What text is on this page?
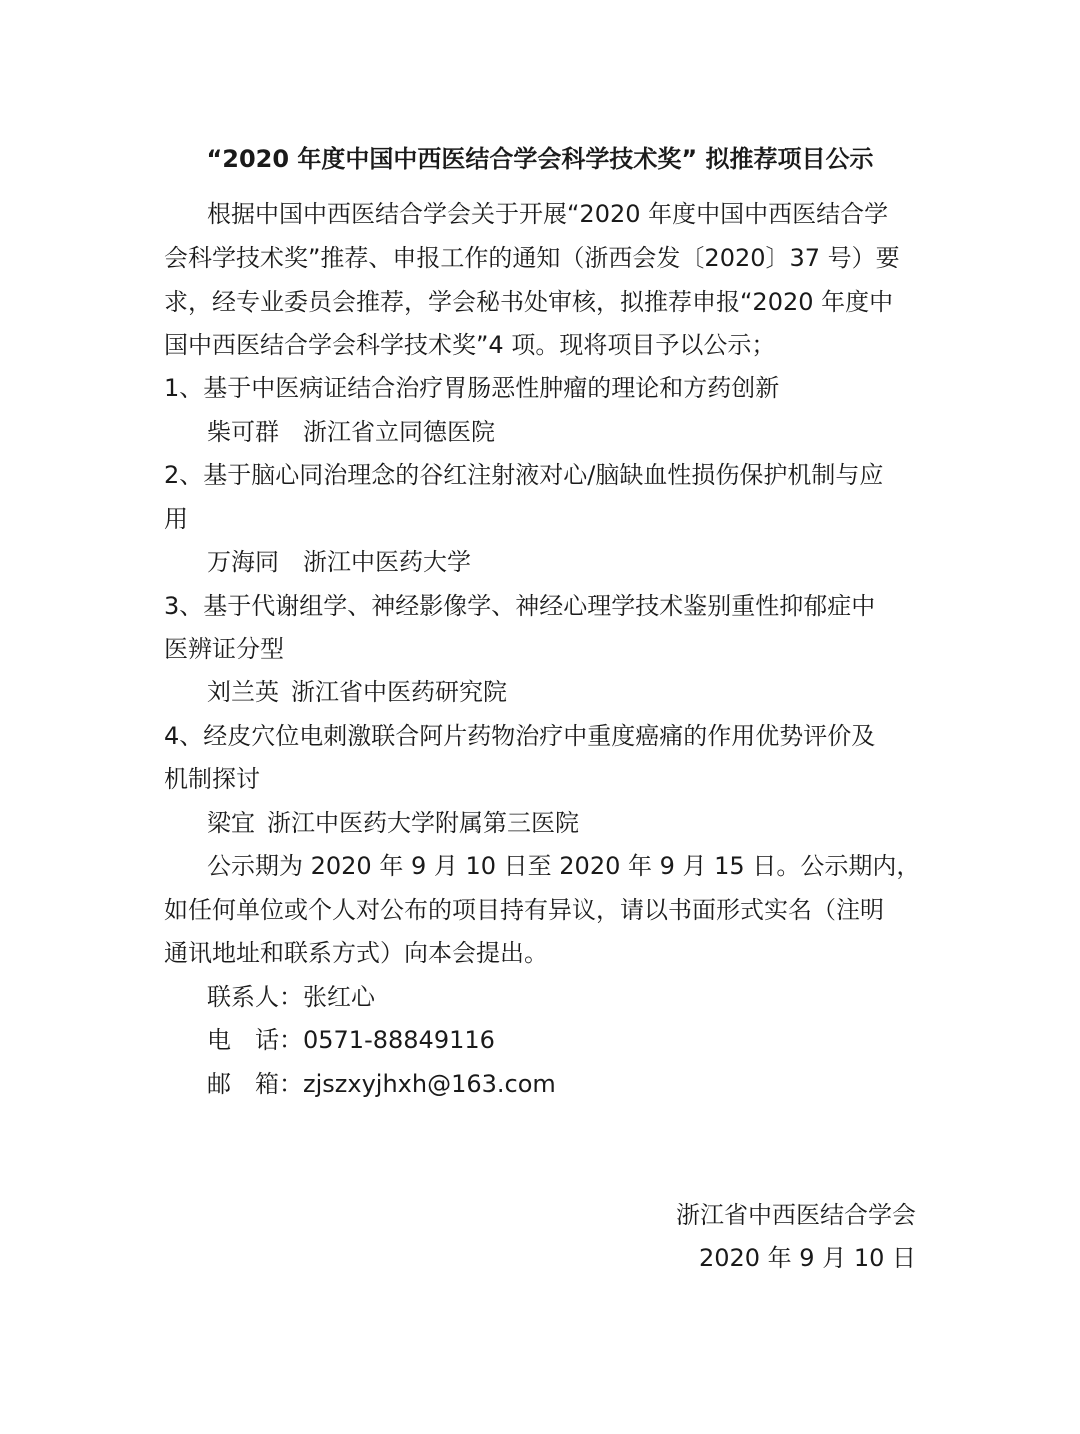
“2020 年度中国中西医结合学会科学技术奖” 拟推荐项目公示
根据中国中西医结合学会关于开展“2020 年度中国中西医结合学
会科学技术奖”推荐、申报工作的通知（浙西会发〔2020〕37 号）要
求，经专业委员会推荐，学会秘书处审核，拟推荐申报“2020 年度中
国中西医结合学会科学技术奖”4 项。现将项目予以公示；
1、基于中医病证结合治疗胃肠恶性肿瘤的理论和方药创新
柴可群 浙江省立同德医院
2、基于脑心同治理念的谷红注射液对心/脑缺血性损伤保护机制与应
用
万海同 浙江中医药大学
3、基于代谢组学、神经影像学、神经心理学技术鉴别重性抑郁症中
医辨证分型
刘兰英 浙江省中医药研究院
4、经皮穴位电刺激联合阿片药物治疗中重度癌痛的作用优势评价及
机制探讨
梁宜 浙江中医药大学附属第三医院
公示期为 2020 年 9 月 10 日至 2020 年 9 月 15 日。公示期内，
如任何单位或个人对公布的项目持有异议，请以书面形式实名（注明
通讯地址和联系方式）向本会提出。
联系人：张红心
电　话：0571-88849116
邮　箱：zjszxyjhxh@163.com
浙江省中西医结合学会
2020 年 9 月 10 日
